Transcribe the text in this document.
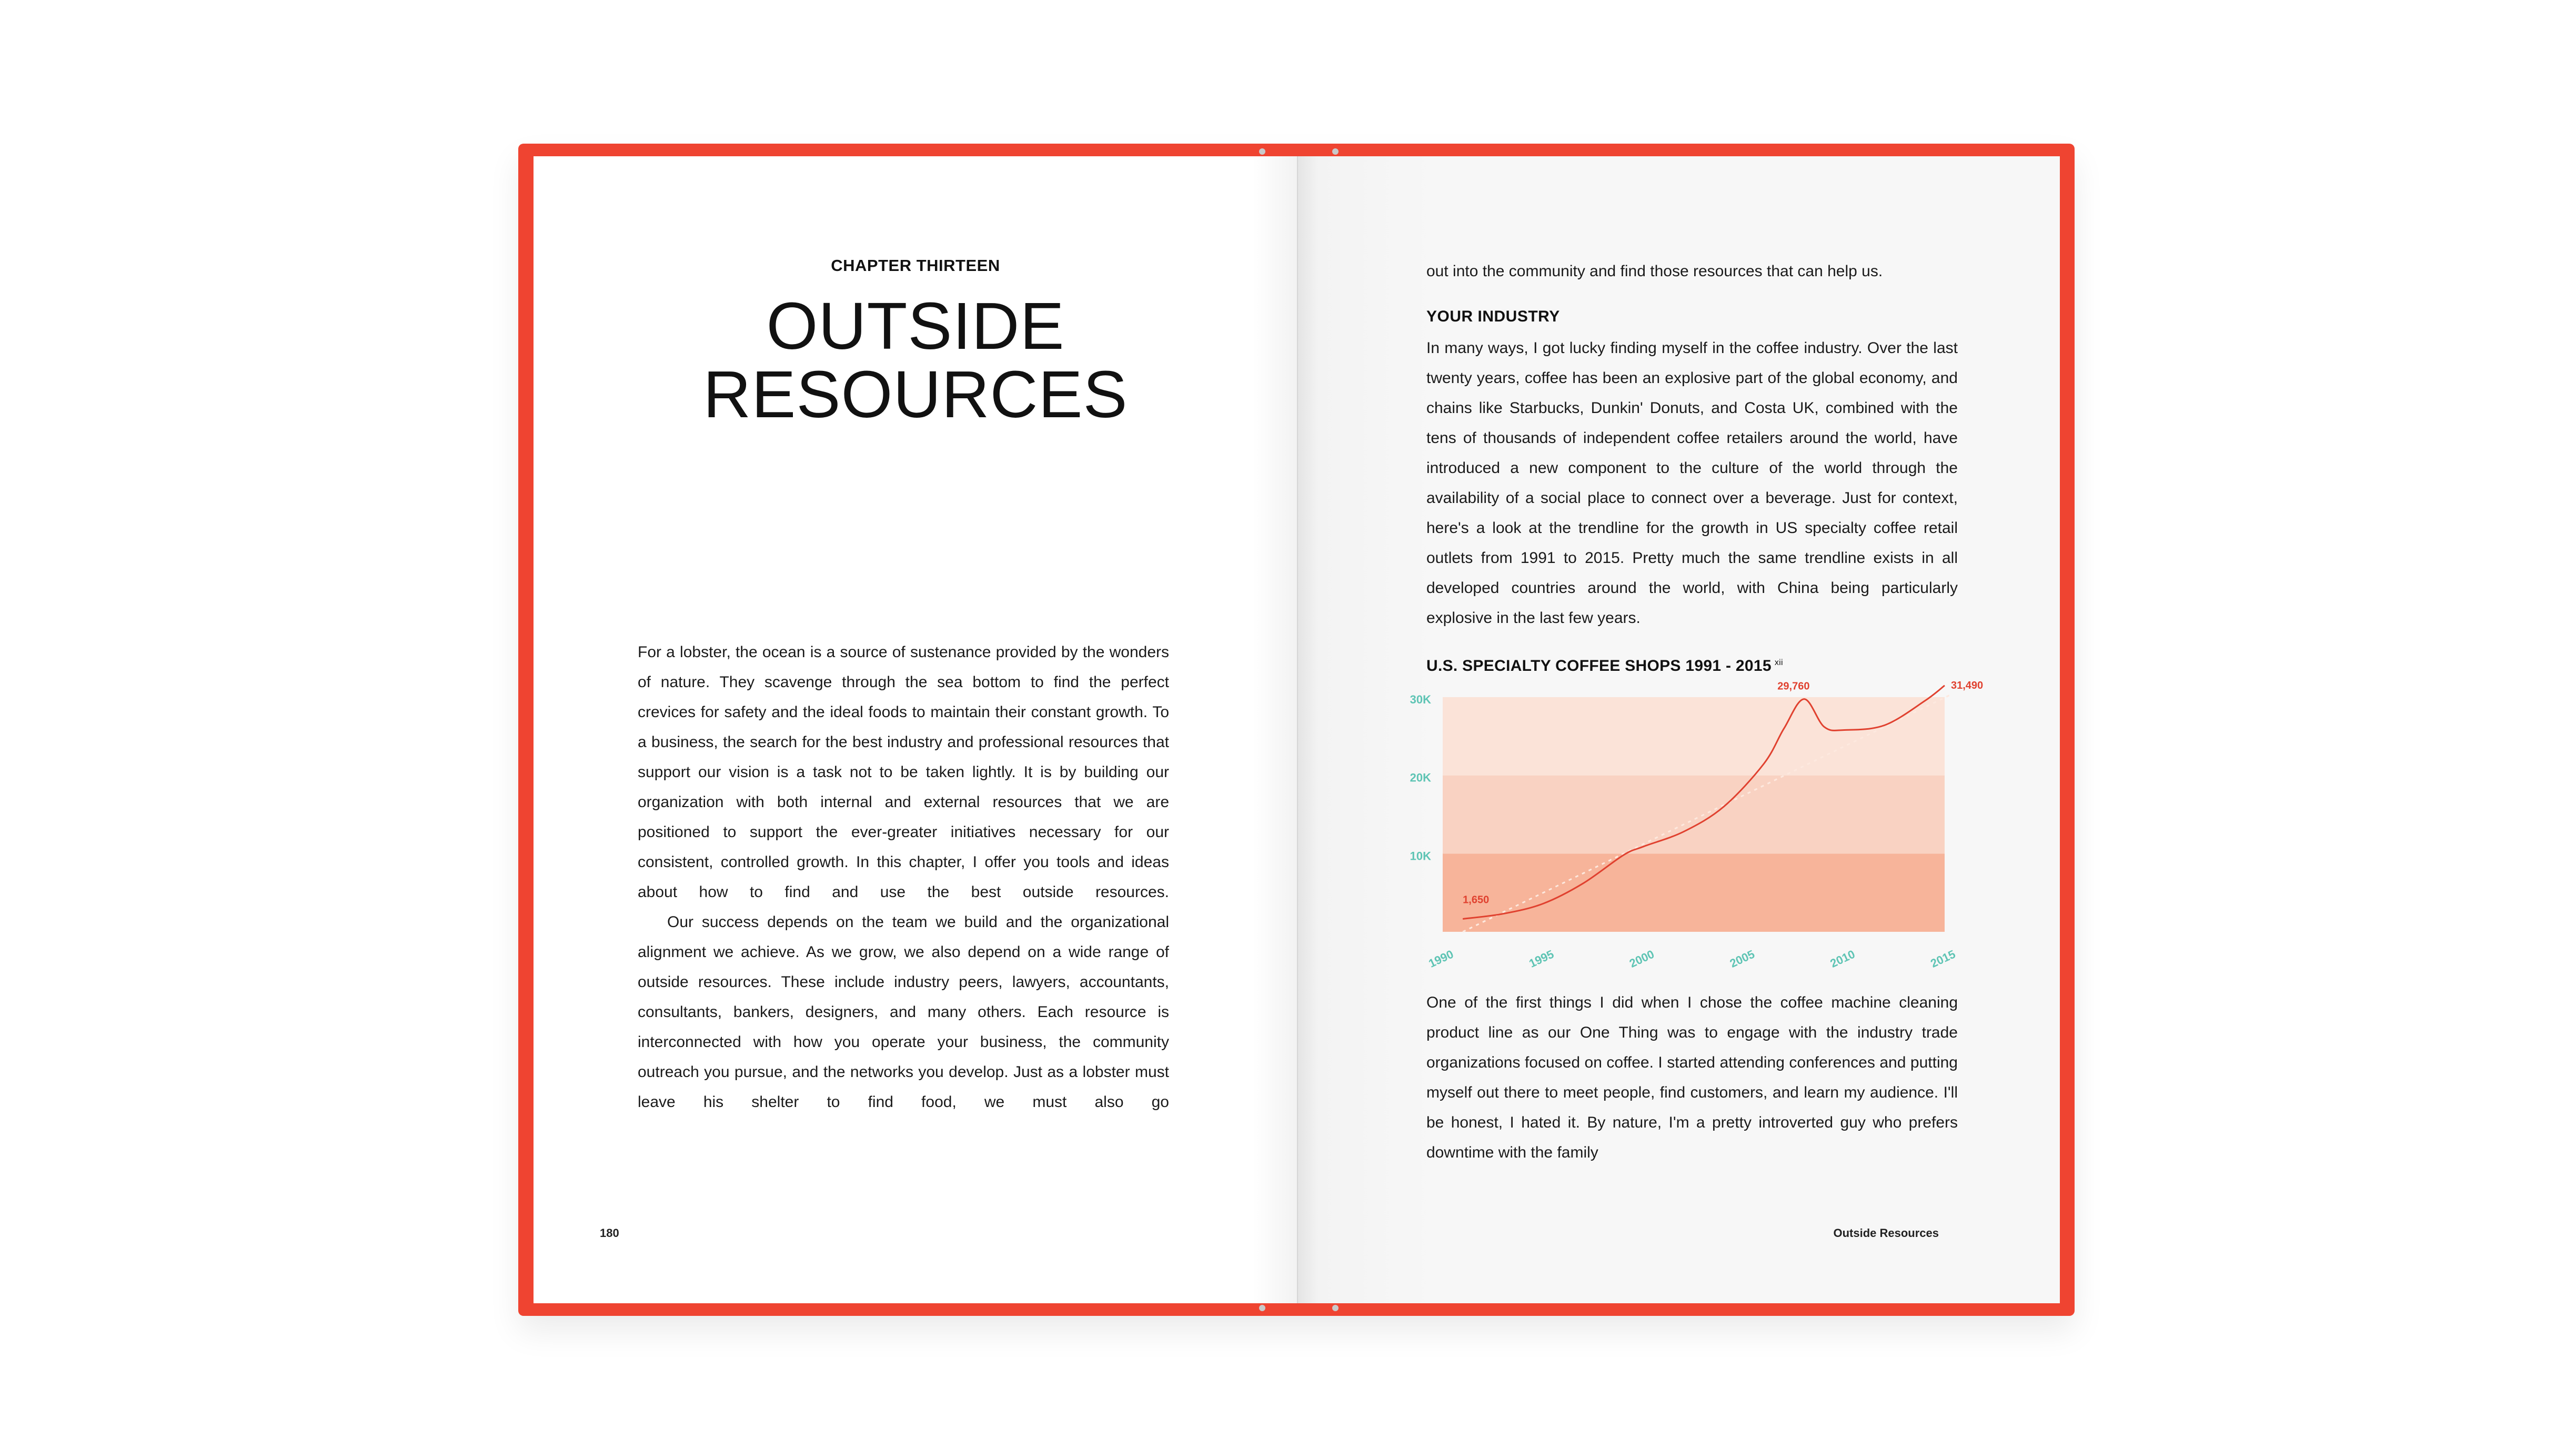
CHAPTER THIRTEEN
OUTSIDE
RESOURCES

For a lobster, the ocean is a source of sustenance provided by the wonders of nature. They scavenge through the sea bottom to find the perfect crevices for safety and the ideal foods to maintain their constant growth. To a business, the search for the best industry and professional resources that support our vision is a task not to be taken lightly. It is by building our organization with both internal and external resources that we are positioned to support the ever-greater initiatives necessary for our consistent, controlled growth. In this chapter, I offer you tools and ideas about how to find and use the best outside resources.

Our success depends on the team we build and the organizational alignment we achieve. As we grow, we also depend on a wide range of outside resources. These include industry peers, lawyers, accountants, consultants, bankers, designers, and many others. Each resource is interconnected with how you operate your business, the community outreach you pursue, and the networks you develop. Just as a lobster must leave his shelter to find food, we must also go

180
out into the community and find those resources that can help us.
YOUR INDUSTRY

In many ways, I got lucky finding myself in the coffee industry. Over the last twenty years, coffee has been an explosive part of the global economy, and chains like Starbucks, Dunkin' Donuts, and Costa UK, combined with the tens of thousands of independent coffee retailers around the world, have introduced a new component to the culture of the world through the availability of a social place to connect over a beverage. Just for context, here's a look at the trendline for the growth in US specialty coffee retail outlets from 1991 to 2015. Pretty much the same trendline exists in all developed countries around the world, with China being particularly explosive in the last few years.

U.S. SPECIALTY COFFEE SHOPS 1991 - 2015 $^{xii}$
10K
20K
30K
1990	1995	2000	2005	2010	2015
1,650
29,760	31,490

One of the first things I did when I chose the coffee machine cleaning product line as our One Thing was to engage with the industry trade organizations focused on coffee. I started attending conferences and putting myself out there to meet people, find customers, and learn my audience. I'll be honest, I hated it. By nature, I'm a pretty introverted guy who prefers downtime with the family

Outside Resources
